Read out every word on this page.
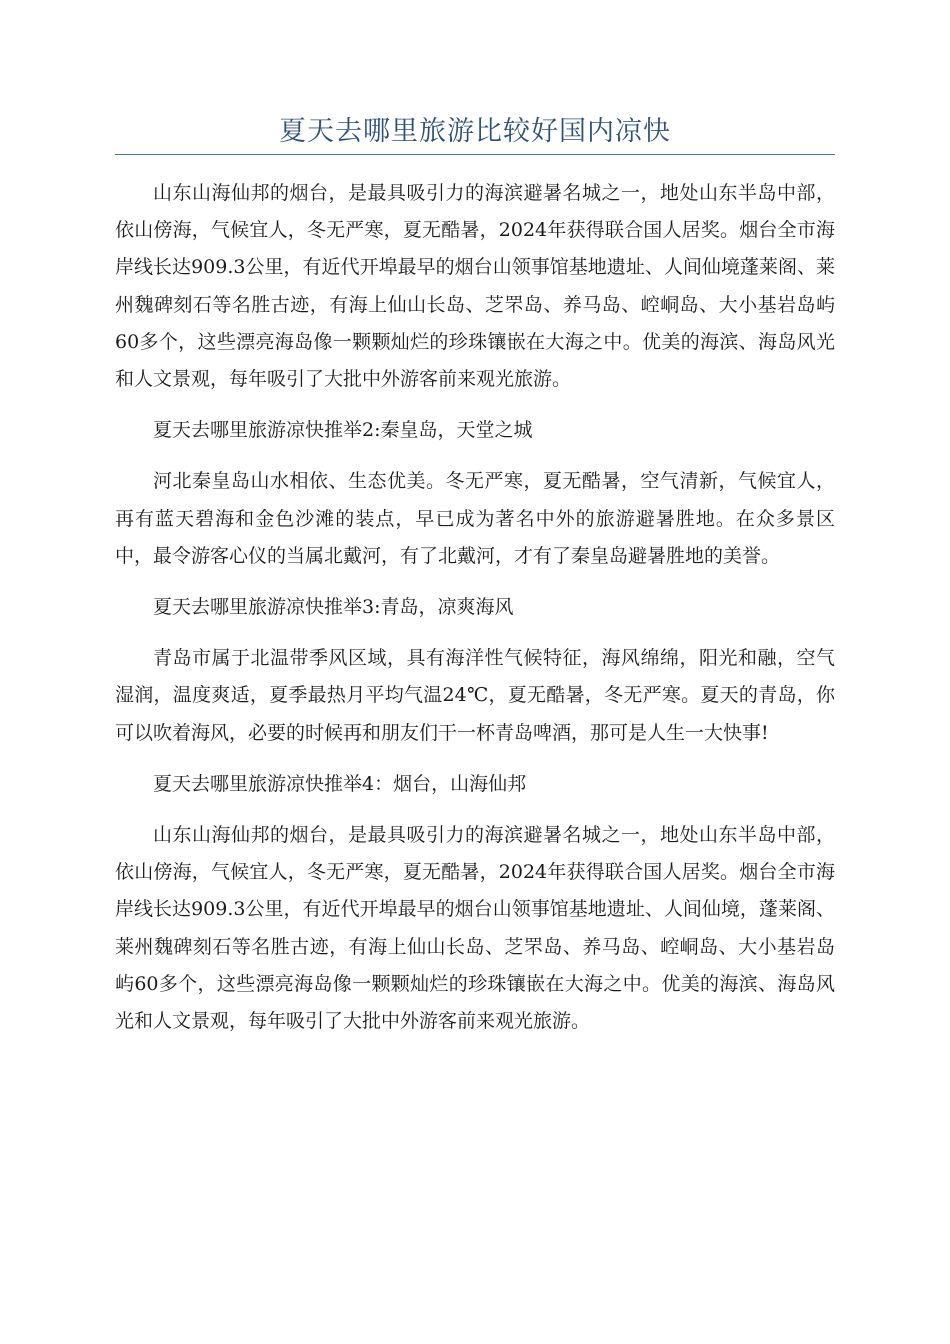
夏天去哪里旅游比较好国内凉快

山东山海仙邦的烟台，是最具吸引力的海滨避暑名城之一，地处山东半岛中部，依山傍海，气候宜人，冬无严寒，夏无酷暑，2024年获得联合国人居奖。烟台全市海岸线长达909.3公里，有近代开埠最早的烟台山领事馆基地遗址、人间仙境蓬莱阁、莱州魏碑刻石等名胜古迹，有海上仙山长岛、芝罘岛、养马岛、崆峒岛、大小基岩岛屿60多个，这些漂亮海岛像一颗颗灿烂的珍珠镶嵌在大海之中。优美的海滨、海岛风光和人文景观，每年吸引了大批中外游客前来观光旅游。

夏天去哪里旅游凉快推举2:秦皇岛，天堂之城

河北秦皇岛山水相依、生态优美。冬无严寒，夏无酷暑，空气清新，气候宜人，再有蓝天碧海和金色沙滩的装点，早已成为著名中外的旅游避暑胜地。在众多景区中，最令游客心仪的当属北戴河，有了北戴河，才有了秦皇岛避暑胜地的美誉。

夏天去哪里旅游凉快推举3:青岛，凉爽海风

青岛市属于北温带季风区域，具有海洋性气候特征，海风绵绵，阳光和融，空气湿润，温度爽适，夏季最热月平均气温24℃，夏无酷暑，冬无严寒。夏天的青岛，你可以吹着海风，必要的时候再和朋友们干一杯青岛啤酒，那可是人生一大快事!

夏天去哪里旅游凉快推举4：烟台，山海仙邦

山东山海仙邦的烟台，是最具吸引力的海滨避暑名城之一，地处山东半岛中部，依山傍海，气候宜人，冬无严寒，夏无酷暑，2024年获得联合国人居奖。烟台全市海岸线长达909.3公里，有近代开埠最早的烟台山领事馆基地遗址、人间仙境，蓬莱阁、莱州魏碑刻石等名胜古迹，有海上仙山长岛、芝罘岛、养马岛、崆峒岛、大小基岩岛屿60多个，这些漂亮海岛像一颗颗灿烂的珍珠镶嵌在大海之中。优美的海滨、海岛风光和人文景观，每年吸引了大批中外游客前来观光旅游。
